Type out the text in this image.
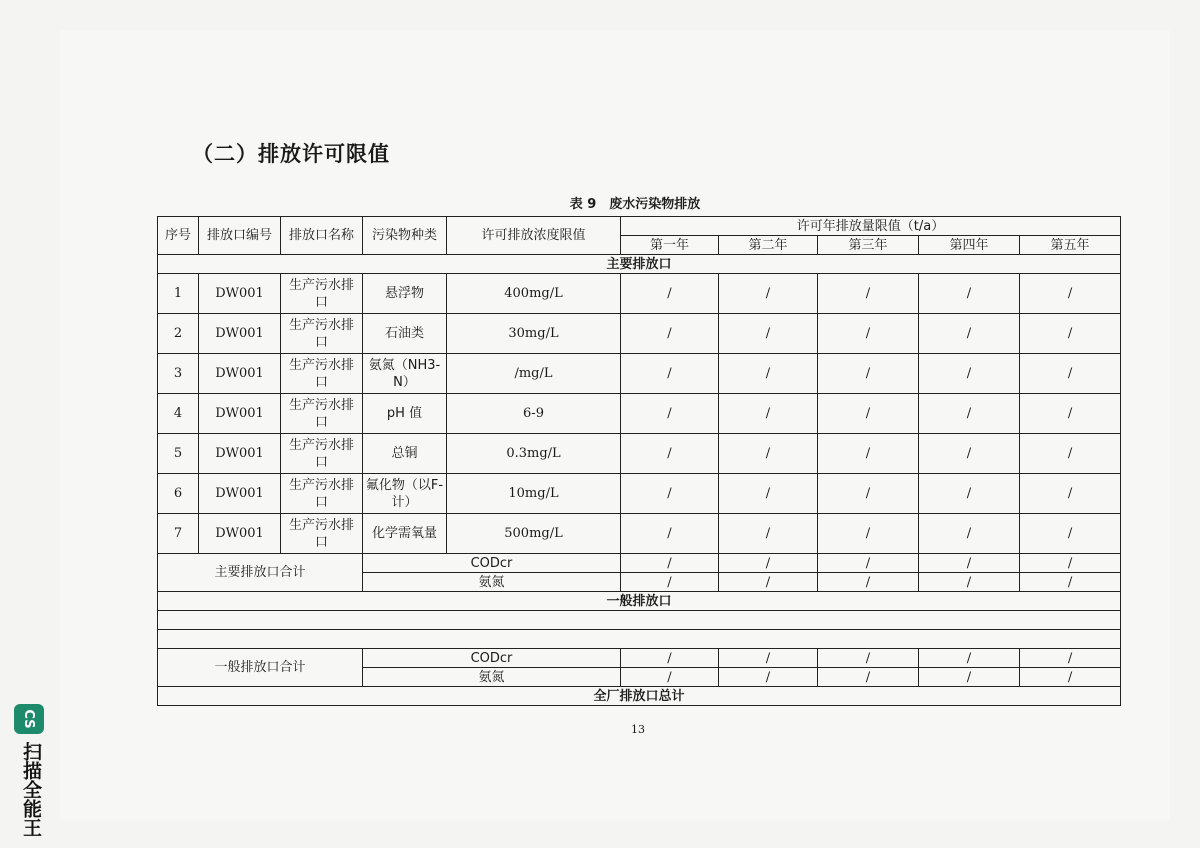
（二）排放许可限值
表 9　废水污染物排放
序号	排放口编号	排放口名称	污染物种类	许可排放浓度限值	许可年排放量限值（t/a）				
					第一年	第二年	第三年	第四年	第五年
主要排放口									
1	DW001	生产污水排口	悬浮物	400mg/L	/	/	/	/	/
2	DW001	生产污水排口	石油类	30mg/L	/	/	/	/	/
3	DW001	生产污水排口	氨氮（NH3-N）	/mg/L	/	/	/	/	/
4	DW001	生产污水排口	pH 值	6-9	/	/	/	/	/
5	DW001	生产污水排口	总铜	0.3mg/L	/	/	/	/	/
6	DW001	生产污水排口	氟化物（以F-计）	10mg/L	/	/	/	/	/
7	DW001	生产污水排口	化学需氧量	500mg/L	/	/	/	/	/
主要排放口合计			CODcr		/	/	/	/	/
			氨氮		/	/	/	/	/
一般排放口									

一般排放口合计			CODcr		/	/	/	/	/
			氨氮		/	/	/	/	/
全厂排放口总计									
13
CS
扫描全能王
